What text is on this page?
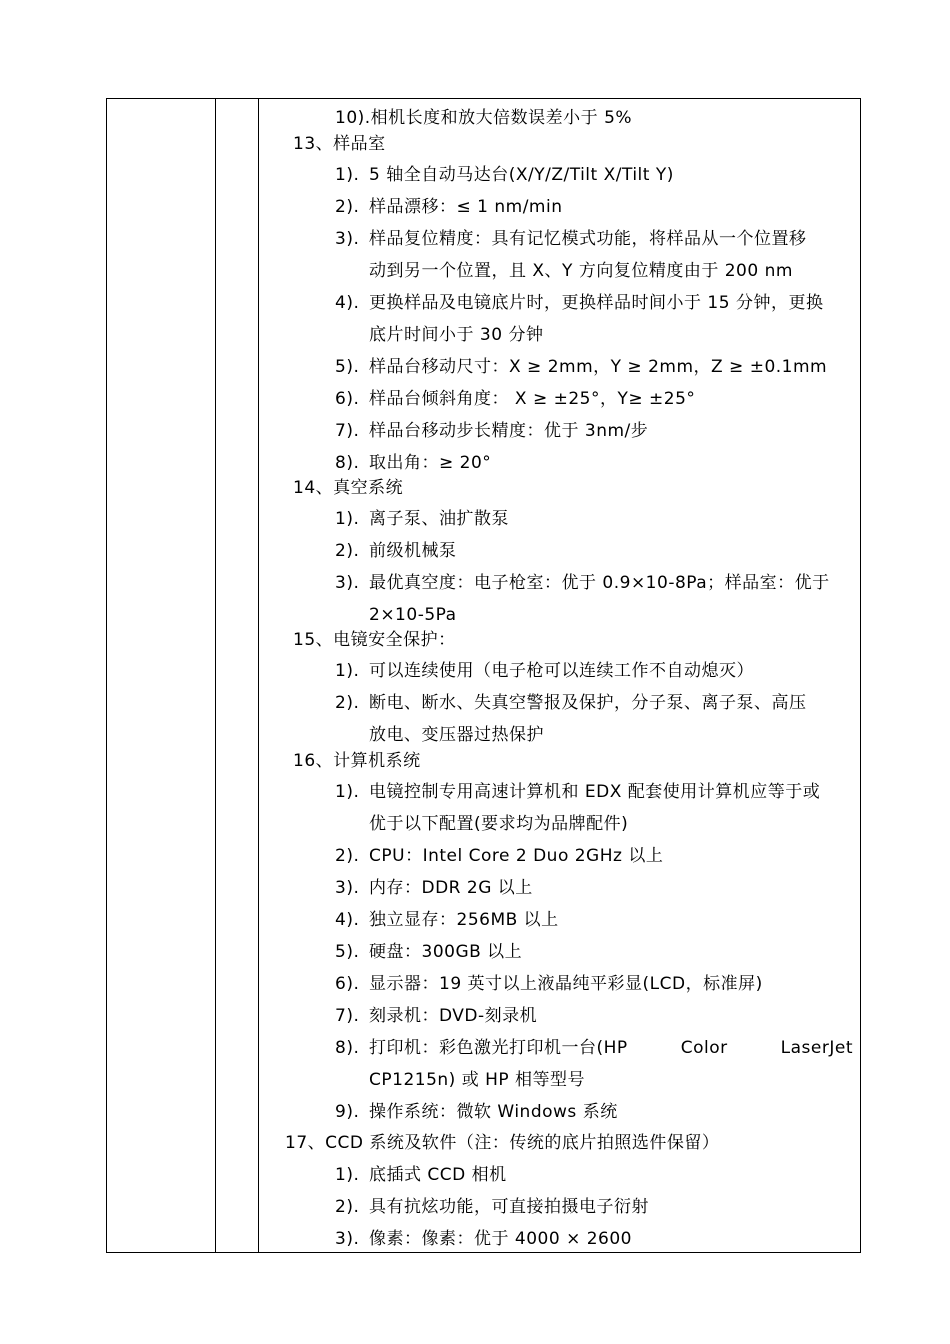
10).相机长度和放大倍数误差小于 5%
13、样品室
1). 5 轴全自动马达台(X/Y/Z/Tilt X/Tilt Y)
2). 样品漂移：≤ 1 nm/min
3). 样品复位精度：具有记忆模式功能，将样品从一个位置移
动到另一个位置，且 X、Y 方向复位精度由于 200 nm
4). 更换样品及电镜底片时，更换样品时间小于 15 分钟，更换
底片时间小于 30 分钟
5). 样品台移动尺寸：X ≥ 2mm，Y ≥ 2mm，Z ≥ ±0.1mm
6). 样品台倾斜角度： X ≥ ±25°，Y≥ ±25°
7). 样品台移动步长精度：优于 3nm/步
8). 取出角：≥ 20°
14、真空系统
1). 离子泵、油扩散泵
2). 前级机械泵
3). 最优真空度：电子枪室：优于 0.9×10-8Pa；样品室：优于
2×10-5Pa
15、电镜安全保护：
1). 可以连续使用（电子枪可以连续工作不自动熄灭）
2). 断电、断水、失真空警报及保护，分子泵、离子泵、高压
放电、变压器过热保护
16、计算机系统
1). 电镜控制专用高速计算机和 EDX 配套使用计算机应等于或
优于以下配置(要求均为品牌配件)
2). CPU：Intel Core 2 Duo 2GHz 以上
3). 内存：DDR 2G 以上
4). 独立显存：256MB 以上
5). 硬盘：300GB 以上
6). 显示器：19 英寸以上液晶纯平彩显(LCD，标准屏)
7). 刻录机：DVD-刻录机
8). 打印机：彩色激光打印机一台(HP	Color	LaserJet
CP1215n) 或 HP 相等型号
9). 操作系统：微软 Windows 系统
17、CCD 系统及软件（注：传统的底片拍照选件保留）
1). 底插式 CCD 相机
2). 具有抗炫功能，可直接拍摄电子衍射
3). 像素：像素：优于 4000 × 2600
